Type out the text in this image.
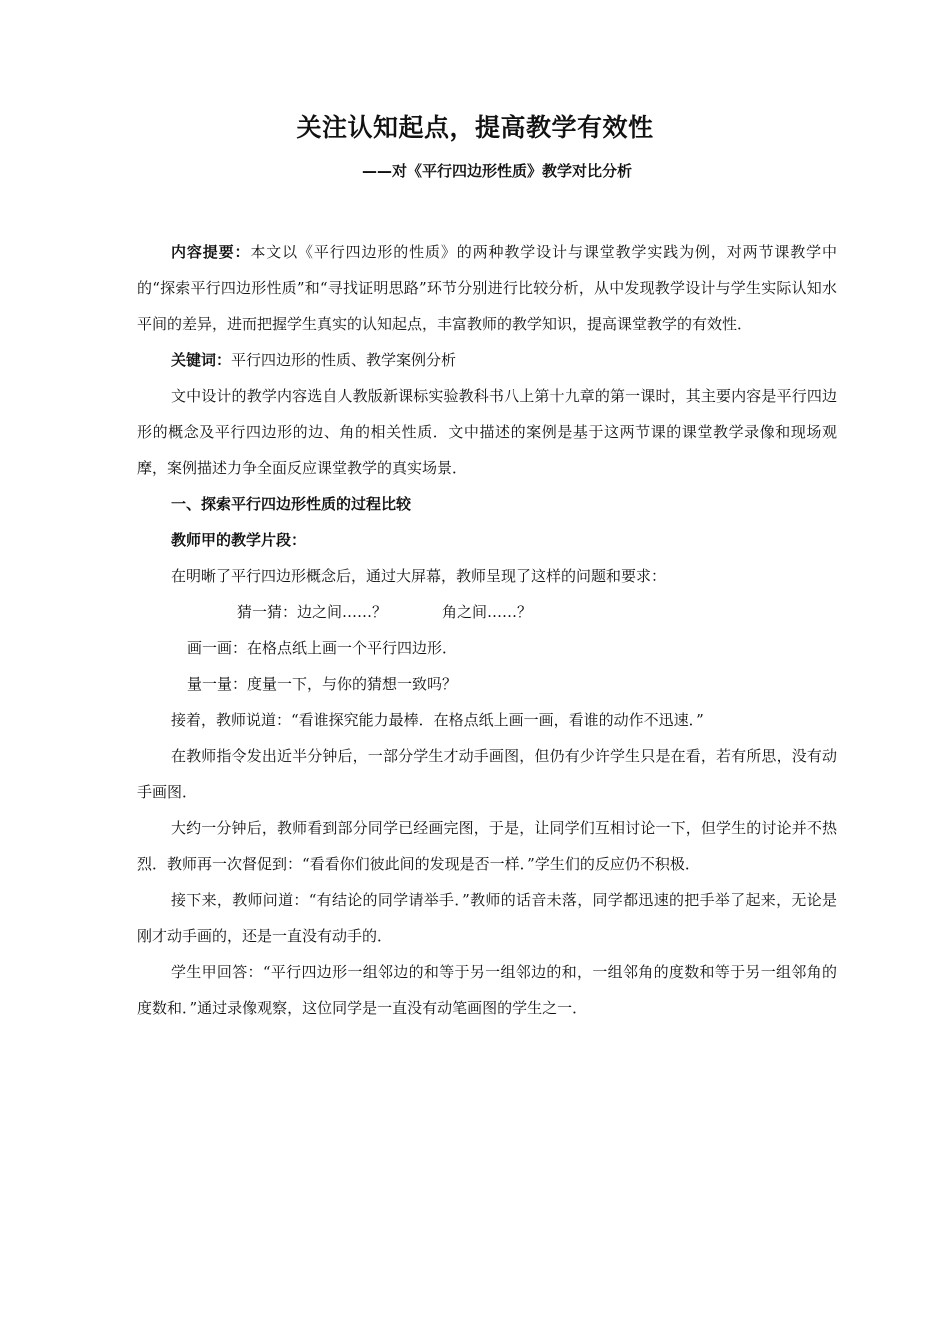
关注认知起点，提高教学有效性
——对《平行四边形性质》教学对比分析

内容提要：本文以《平行四边形的性质》的两种教学设计与课堂教学实践为例，对两节课教学中的“探索平行四边形性质”和“寻找证明思路”环节分别进行比较分析，从中发现教学设计与学生实际认知水平间的差异，进而把握学生真实的认知起点，丰富教师的教学知识，提高课堂教学的有效性．

关键词：平行四边形的性质、教学案例分析

文中设计的教学内容选自人教版新课标实验教科书八上第十九章的第一课时，其主要内容是平行四边形的概念及平行四边形的边、角的相关性质．文中描述的案例是基于这两节课的课堂教学录像和现场观摩，案例描述力争全面反应课堂教学的真实场景．

一、探索平行四边形性质的过程比较

教师甲的教学片段：

在明晰了平行四边形概念后，通过大屏幕，教师呈现了这样的问题和要求：

猜一猜：边之间……？	角之间……？

画一画：在格点纸上画一个平行四边形．

量一量：度量一下，与你的猜想一致吗？

接着，教师说道：“看谁探究能力最棒．在格点纸上画一画，看谁的动作不迅速．”

在教师指令发出近半分钟后，一部分学生才动手画图，但仍有少许学生只是在看，若有所思，没有动手画图．

大约一分钟后，教师看到部分同学已经画完图，于是，让同学们互相讨论一下，但学生的讨论并不热烈．教师再一次督促到：“看看你们彼此间的发现是否一样．”学生们的反应仍不积极．

接下来，教师问道：“有结论的同学请举手．”教师的话音未落，同学都迅速的把手举了起来，无论是刚才动手画的，还是一直没有动手的．

学生甲回答：“平行四边形一组邻边的和等于另一组邻边的和，一组邻角的度数和等于另一组邻角的度数和．”通过录像观察，这位同学是一直没有动笔画图的学生之一．
